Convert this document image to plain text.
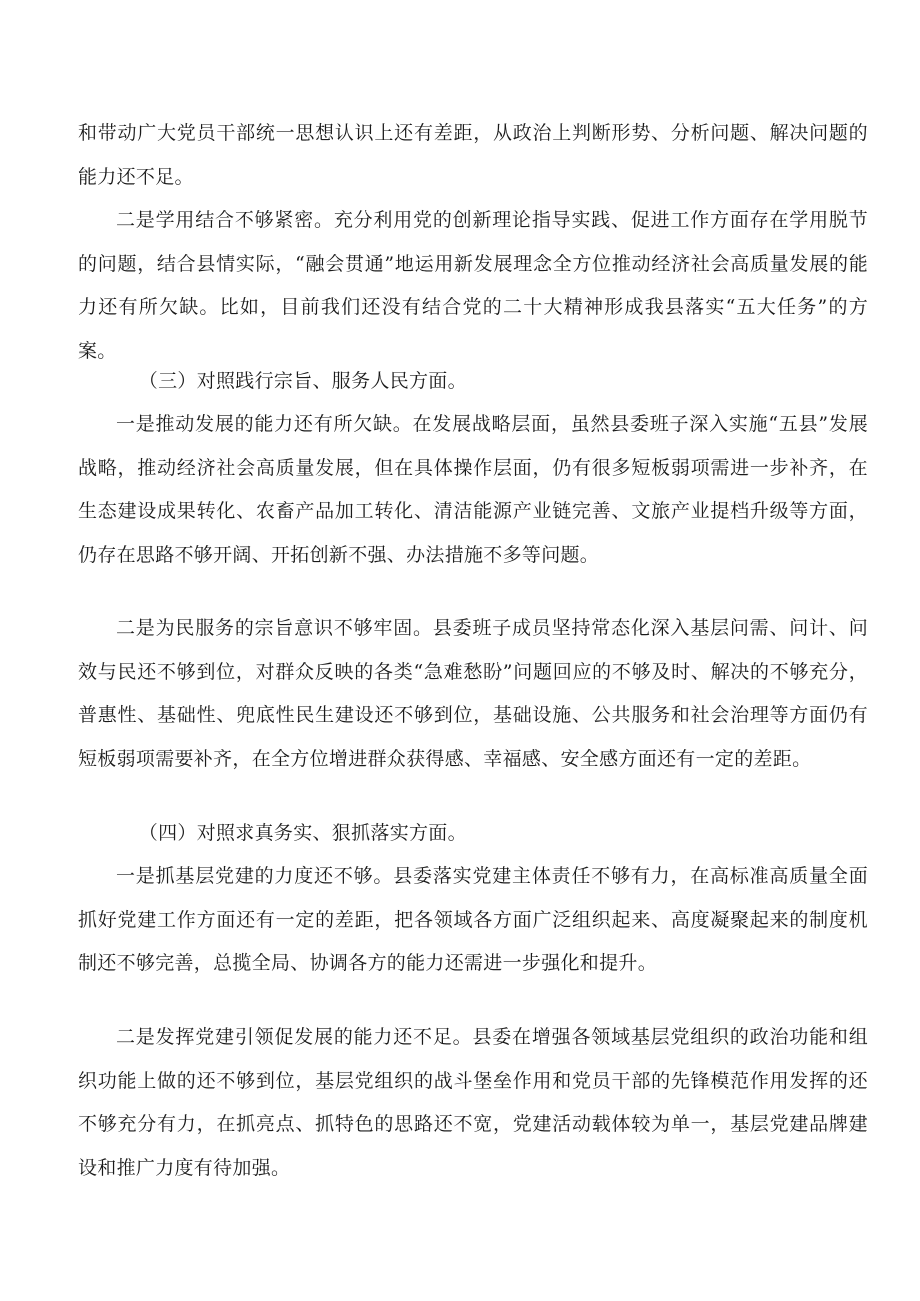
和带动广大党员干部统一思想认识上还有差距，从政治上判断形势、分析问题、解决问题的能力还不足。

二是学用结合不够紧密。充分利用党的创新理论指导实践、促进工作方面存在学用脱节的问题，结合县情实际，“融会贯通”地运用新发展理念全方位推动经济社会高质量发展的能力还有所欠缺。比如，目前我们还没有结合党的二十大精神形成我县落实“五大任务”的方案。

（三）对照践行宗旨、服务人民方面。

一是推动发展的能力还有所欠缺。在发展战略层面，虽然县委班子深入实施“五县”发展战略，推动经济社会高质量发展，但在具体操作层面，仍有很多短板弱项需进一步补齐，在生态建设成果转化、农畜产品加工转化、清洁能源产业链完善、文旅产业提档升级等方面，仍存在思路不够开阔、开拓创新不强、办法措施不多等问题。

二是为民服务的宗旨意识不够牢固。县委班子成员坚持常态化深入基层问需、问计、问效与民还不够到位，对群众反映的各类“急难愁盼”问题回应的不够及时、解决的不够充分，普惠性、基础性、兜底性民生建设还不够到位，基础设施、公共服务和社会治理等方面仍有短板弱项需要补齐，在全方位增进群众获得感、幸福感、安全感方面还有一定的差距。

（四）对照求真务实、狠抓落实方面。

一是抓基层党建的力度还不够。县委落实党建主体责任不够有力，在高标准高质量全面抓好党建工作方面还有一定的差距，把各领域各方面广泛组织起来、高度凝聚起来的制度机制还不够完善，总揽全局、协调各方的能力还需进一步强化和提升。

二是发挥党建引领促发展的能力还不足。县委在增强各领域基层党组织的政治功能和组织功能上做的还不够到位，基层党组织的战斗堡垒作用和党员干部的先锋模范作用发挥的还不够充分有力，在抓亮点、抓特色的思路还不宽，党建活动载体较为单一，基层党建品牌建设和推广力度有待加强。
